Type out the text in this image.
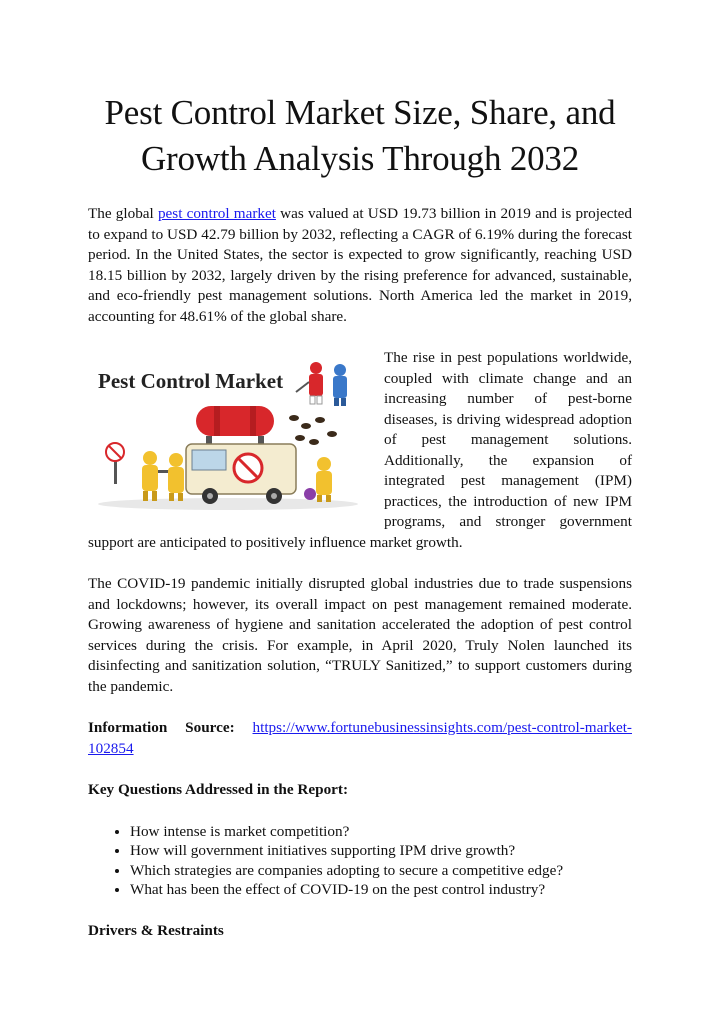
Pest Control Market Size, Share, and
Growth Analysis Through 2032

The global pest control market was valued at USD 19.73 billion in 2019 and is projected to expand to USD 42.79 billion by 2032, reflecting a CAGR of 6.19% during the forecast period. In the United States, the sector is expected to grow significantly, reaching USD 18.15 billion by 2032, largely driven by the rising preference for advanced, sustainable, and eco-friendly pest management solutions. North America led the market in 2019, accounting for 48.61% of the global share.

Pest Control Market

The rise in pest populations worldwide, coupled with climate change and an increasing number of pest-borne diseases, is driving widespread adoption of pest management solutions. Additionally, the expansion of integrated pest management (IPM) practices, the introduction of new IPM programs, and stronger government support are anticipated to positively influence market growth.

The COVID-19 pandemic initially disrupted global industries due to trade suspensions and lockdowns; however, its overall impact on pest management remained moderate. Growing awareness of hygiene and sanitation accelerated the adoption of pest control services during the crisis. For example, in April 2020, Truly Nolen launched its disinfecting and sanitization solution, “TRULY Sanitized,” to support customers during the pandemic.

Information Source: https://www.fortunebusinessinsights.com/pest-control-market-102854

Key Questions Addressed in the Report:

• How intense is market competition?
• How will government initiatives supporting IPM drive growth?
• Which strategies are companies adopting to secure a competitive edge?
• What has been the effect of COVID-19 on the pest control industry?

Drivers & Restraints
